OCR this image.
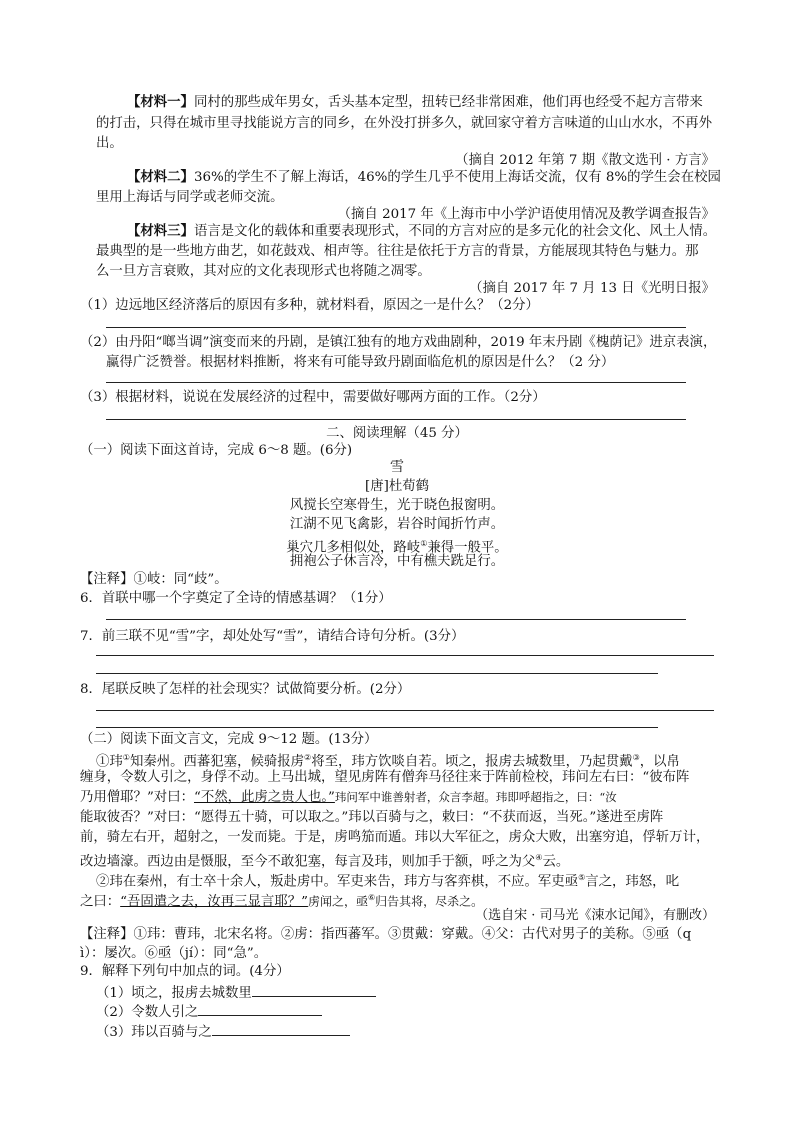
【材料一】同村的那些成年男女，舌头基本定型，扭转已经非常困难，他们再也经受不起方言带来
的打击，只得在城市里寻找能说方言的同乡，在外没打拼多久，就回家守着方言味道的山山水水，不再外
出。
（摘自 2012 年第 7 期《散文选刊 · 方言》
【材料二】36%的学生不了解上海话，46%的学生几乎不使用上海话交流，仅有 8%的学生会在校园
里用上海话与同学或老师交流。
（摘自 2017 年《上海市中小学沪语使用情况及教学调查报告》
【材料三】语言是文化的载体和重要表现形式，不同的方言对应的是多元化的社会文化、风土人情。
最典型的是一些地方曲艺，如花鼓戏、相声等。往往是依托于方言的背景，方能展现其特色与魅力。那
么一旦方言衰败，其对应的文化表现形式也将随之凋零。
（摘自 2017 年 7 月 13 日《光明日报》
（1）边远地区经济落后的原因有多种，就材料看，原因之一是什么？（2分）
（2）由丹阳“啷当调”演变而来的丹剧，是镇江独有的地方戏曲剧种，2019 年末丹剧《槐荫记》进京表演，
赢得广泛赞誉。根据材料推断，将来有可能导致丹剧面临危机的原因是什么？（2 分）
（3）根据材料，说说在发展经济的过程中，需要做好哪两方面的工作。（2分）
二、阅读理解（45 分）
（一）阅读下面这首诗，完成 6～8 题。(6分)
雪
[唐]杜荀鹤
风搅长空寒骨生，光于晓色报窗明。
江湖不见飞禽影，岩谷时闻折竹声。
巢穴几多相似处，路岐①兼得一般平。
拥袍公子休言冷，中有樵夫跣足行。
【注释】①岐：同“歧”。
6．首联中哪一个字奠定了全诗的情感基调？（1分）
7．前三联不见“雪”字，却处处写“雪”，请结合诗句分析。(3分）
8．尾联反映了怎样的社会现实？试做简要分析。(2分）
（二）阅读下面文言文，完成 9～12 题。(13分）
①玮①知秦州。西蕃犯塞，候骑报虏②将至，玮方饮啖自若。顷之，报虏去城数里，乃起贯戴③，以帛
缠身，令数人引之，身俘不动。上马出城，望见虏阵有僧奔马径往来于阵前检校，玮问左右曰：“彼布阵
乃用僧耶？”对曰：“不然，此虏之贵人也。”玮问军中谁善射者，众言李超。玮即呼超指之，曰：“汝
能取彼否？”对曰：“愿得五十骑，可以取之。”玮以百骑与之，敕曰：“不获而返，当死。”遂进至虏阵
前，骑左右开，超射之，一发而毙。于是，虏鸣笳而遁。玮以大军征之，虏众大败，出塞穷追，俘斩万计，
改边墙濠。西边由是慑服，至今不敢犯塞，每言及玮，则加手于额，呼之为父④云。
②玮在秦州，有士卒十余人，叛赴虏中。军吏来告，玮方与客弈棋，不应。军吏亟⑤言之，玮怒，叱
之曰：“吾固遣之去，汝再三显言耶？”虏闻之，亟⑥归告其将，尽杀之。
（选自宋 · 司马光《涑水记闻》，有删改）
【注释】①玮：曹玮，北宋名将。②虏：指西蕃军。③贯戴：穿戴。④父：古代对男子的美称。⑤亟（q
ì）：屡次。⑥亟（jí）：同“急”。
9．解释下列句中加点的词。(4分）
（1）顷之，报虏去城数里
（2）令数人引之
（3）玮以百骑与之
